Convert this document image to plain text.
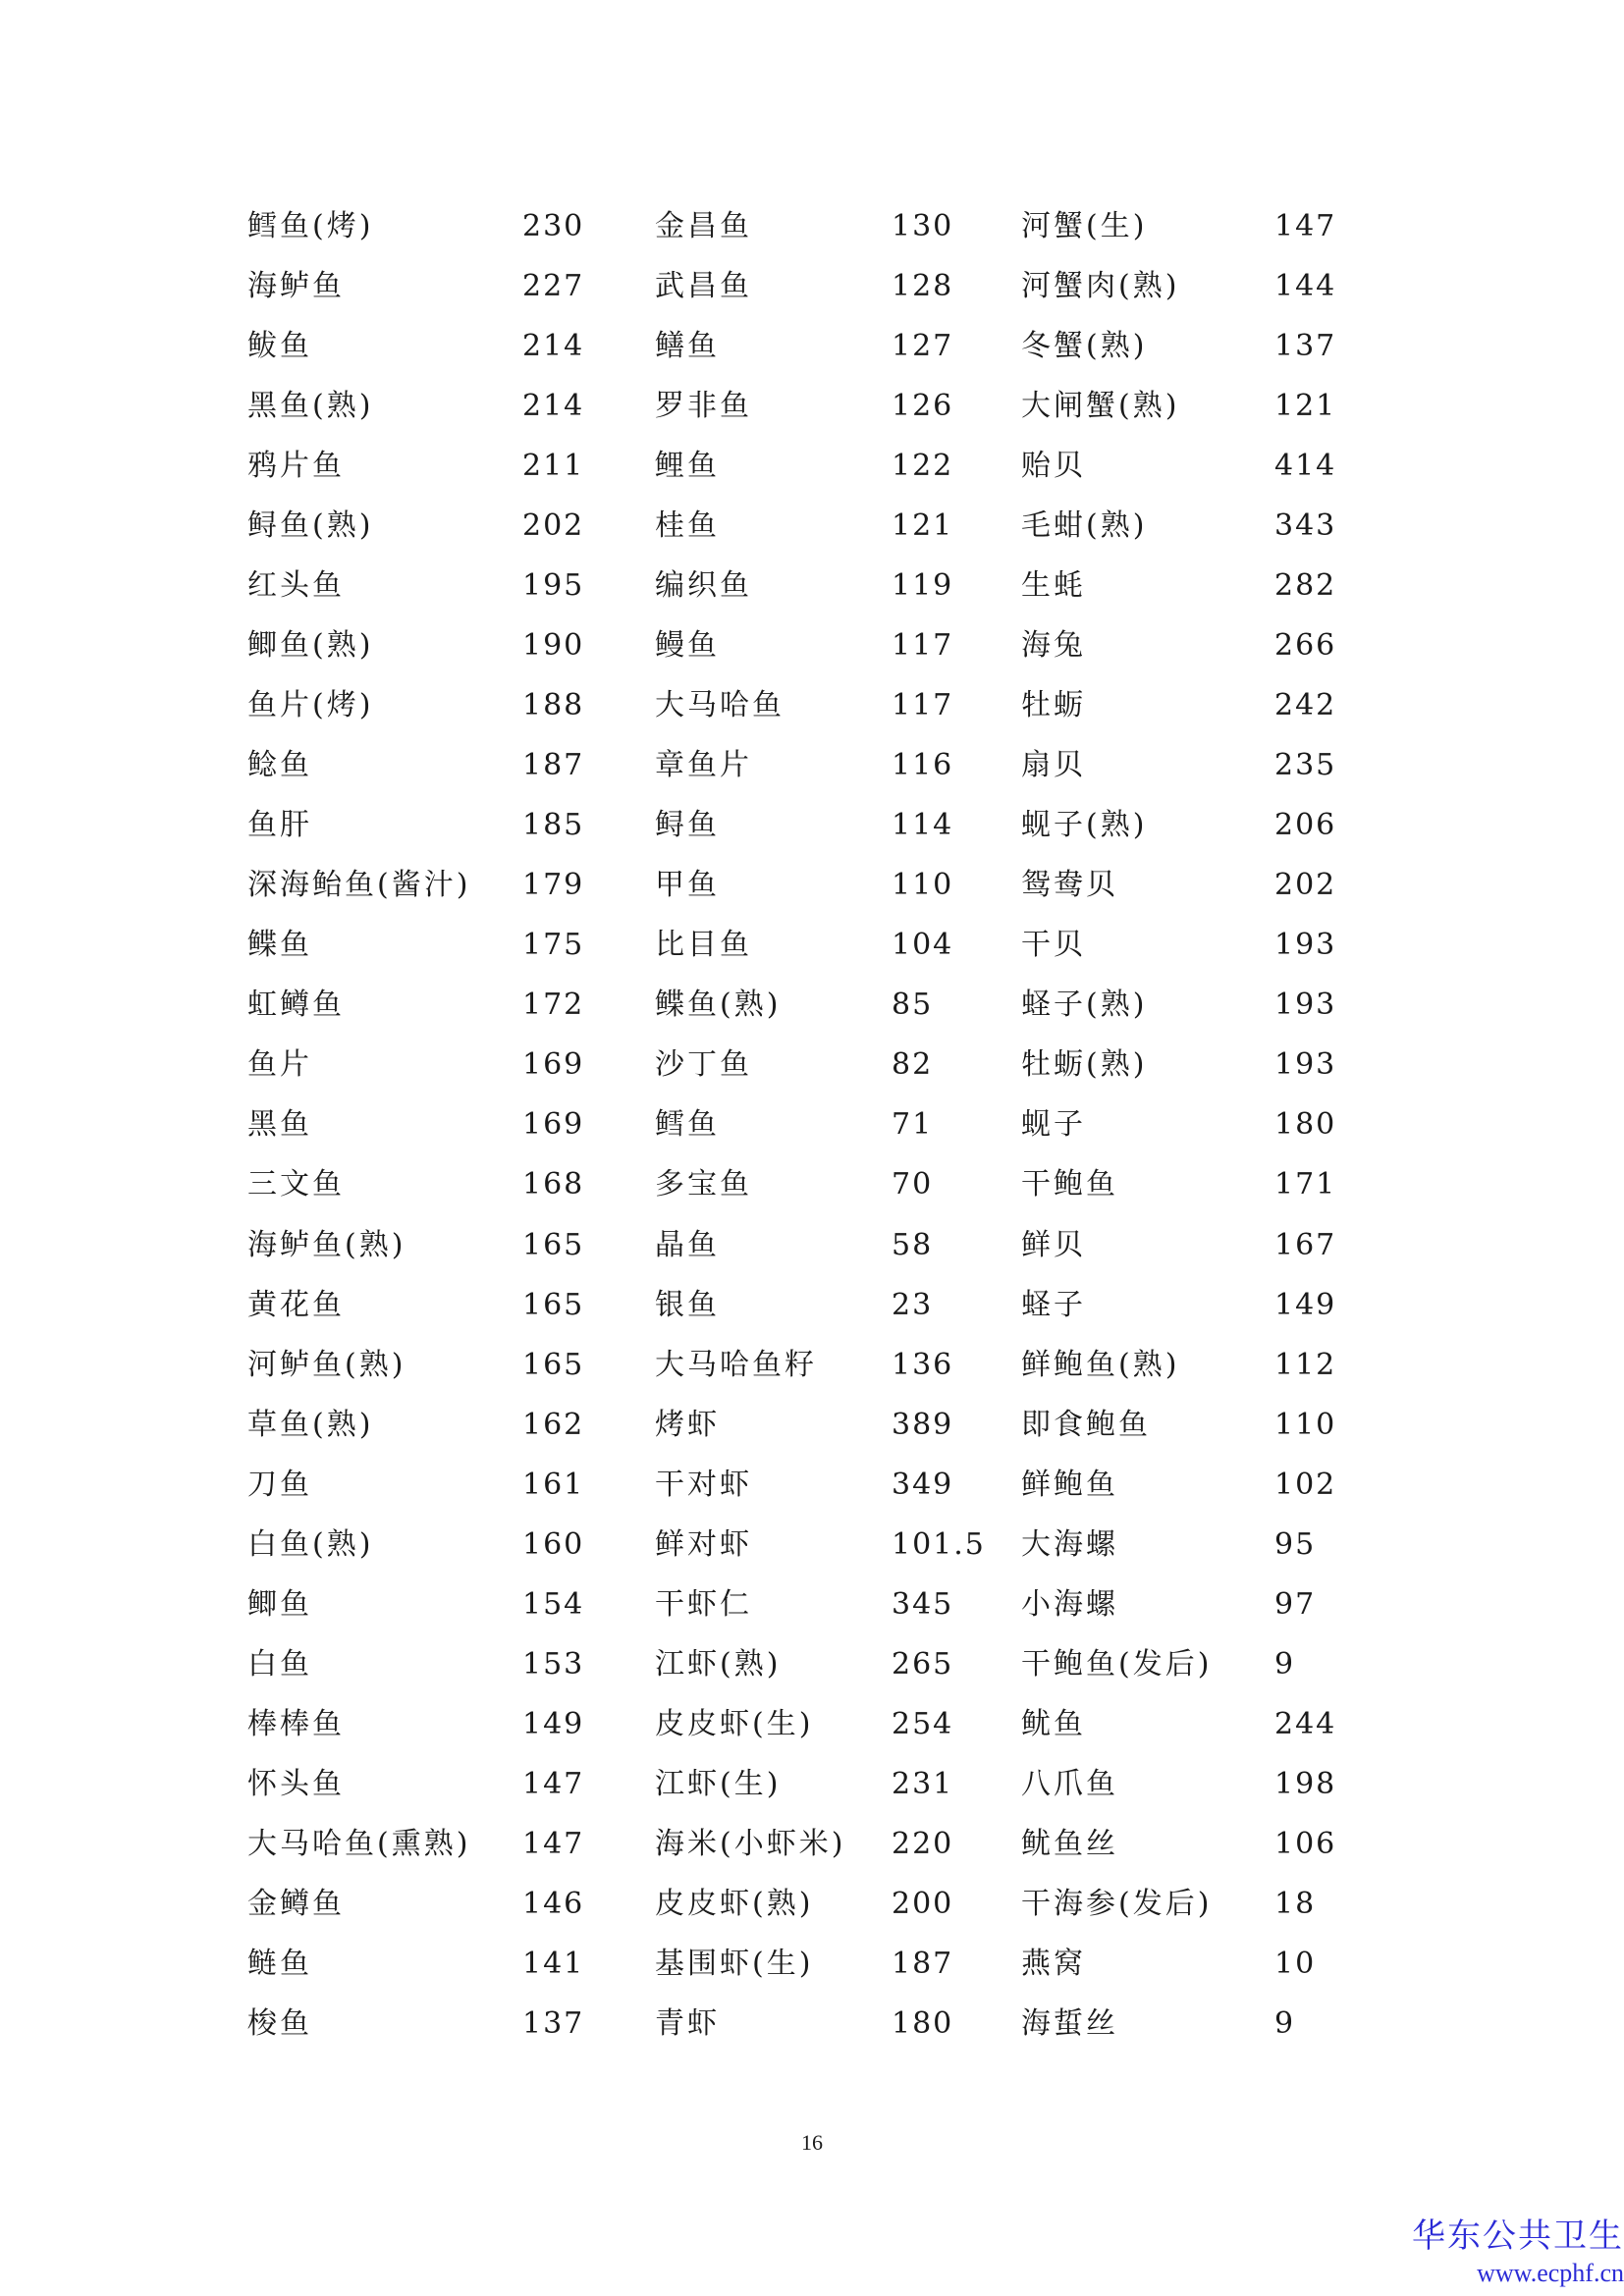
鳕鱼(烤)	230 金昌鱼	130 河蟹(生)	147
海鲈鱼	227 武昌鱼	128 河蟹肉(熟)	144
鲅鱼	214 鳝鱼	127 冬蟹(熟)	137
黑鱼(熟)	214 罗非鱼	126 大闸蟹(熟)	121
鸦片鱼	211 鲤鱼	122 贻贝	414
鲟鱼(熟)	202 桂鱼	121 毛蚶(熟)	343
红头鱼	195 编织鱼	119 生蚝	282
鲫鱼(熟)	190 鳗鱼	117 海兔	266
鱼片(烤)	188 大马哈鱼	117 牡蛎	242
鲶鱼	187 章鱼片	116 扇贝	235
鱼肝	185 鲟鱼	114 蚬子(熟)	206
深海鲐鱼(酱汁) 179 甲鱼	110 鸳鸯贝	202
鲽鱼	175 比目鱼	104 干贝	193
虹鳟鱼	172 鲽鱼(熟)	85	蛏子(熟)	193
鱼片	169 沙丁鱼	82	牡蛎(熟)	193
黑鱼	169 鳕鱼	71	蚬子	180
三文鱼	168 多宝鱼	70	干鲍鱼	171
海鲈鱼(熟)	165 晶鱼	58	鲜贝	167
黄花鱼	165 银鱼	23	蛏子	149
河鲈鱼(熟)	165 大马哈鱼籽	136 鲜鲍鱼(熟)	112
草鱼(熟)	162 烤虾	389 即食鲍鱼	110
刀鱼	161 干对虾	349 鲜鲍鱼	102
白鱼(熟)	160 鲜对虾	101.5 大海螺	95
鲫鱼	154 干虾仁	345 小海螺	97
白鱼	153 江虾(熟)	265 干鲍鱼(发后) 9
棒棒鱼	149 皮皮虾(生)	254 鱿鱼	244
怀头鱼	147 江虾(生)	231 八爪鱼	198
大马哈鱼(熏熟) 147 海米(小虾米) 220 鱿鱼丝	106
金鳟鱼	146 皮皮虾(熟)	200 干海参(发后) 18
鲢鱼	141 基围虾(生)	187 燕窝	10
梭鱼	137 青虾	180 海蜇丝	9
16
华东公共卫生
www.ecphf.cn
